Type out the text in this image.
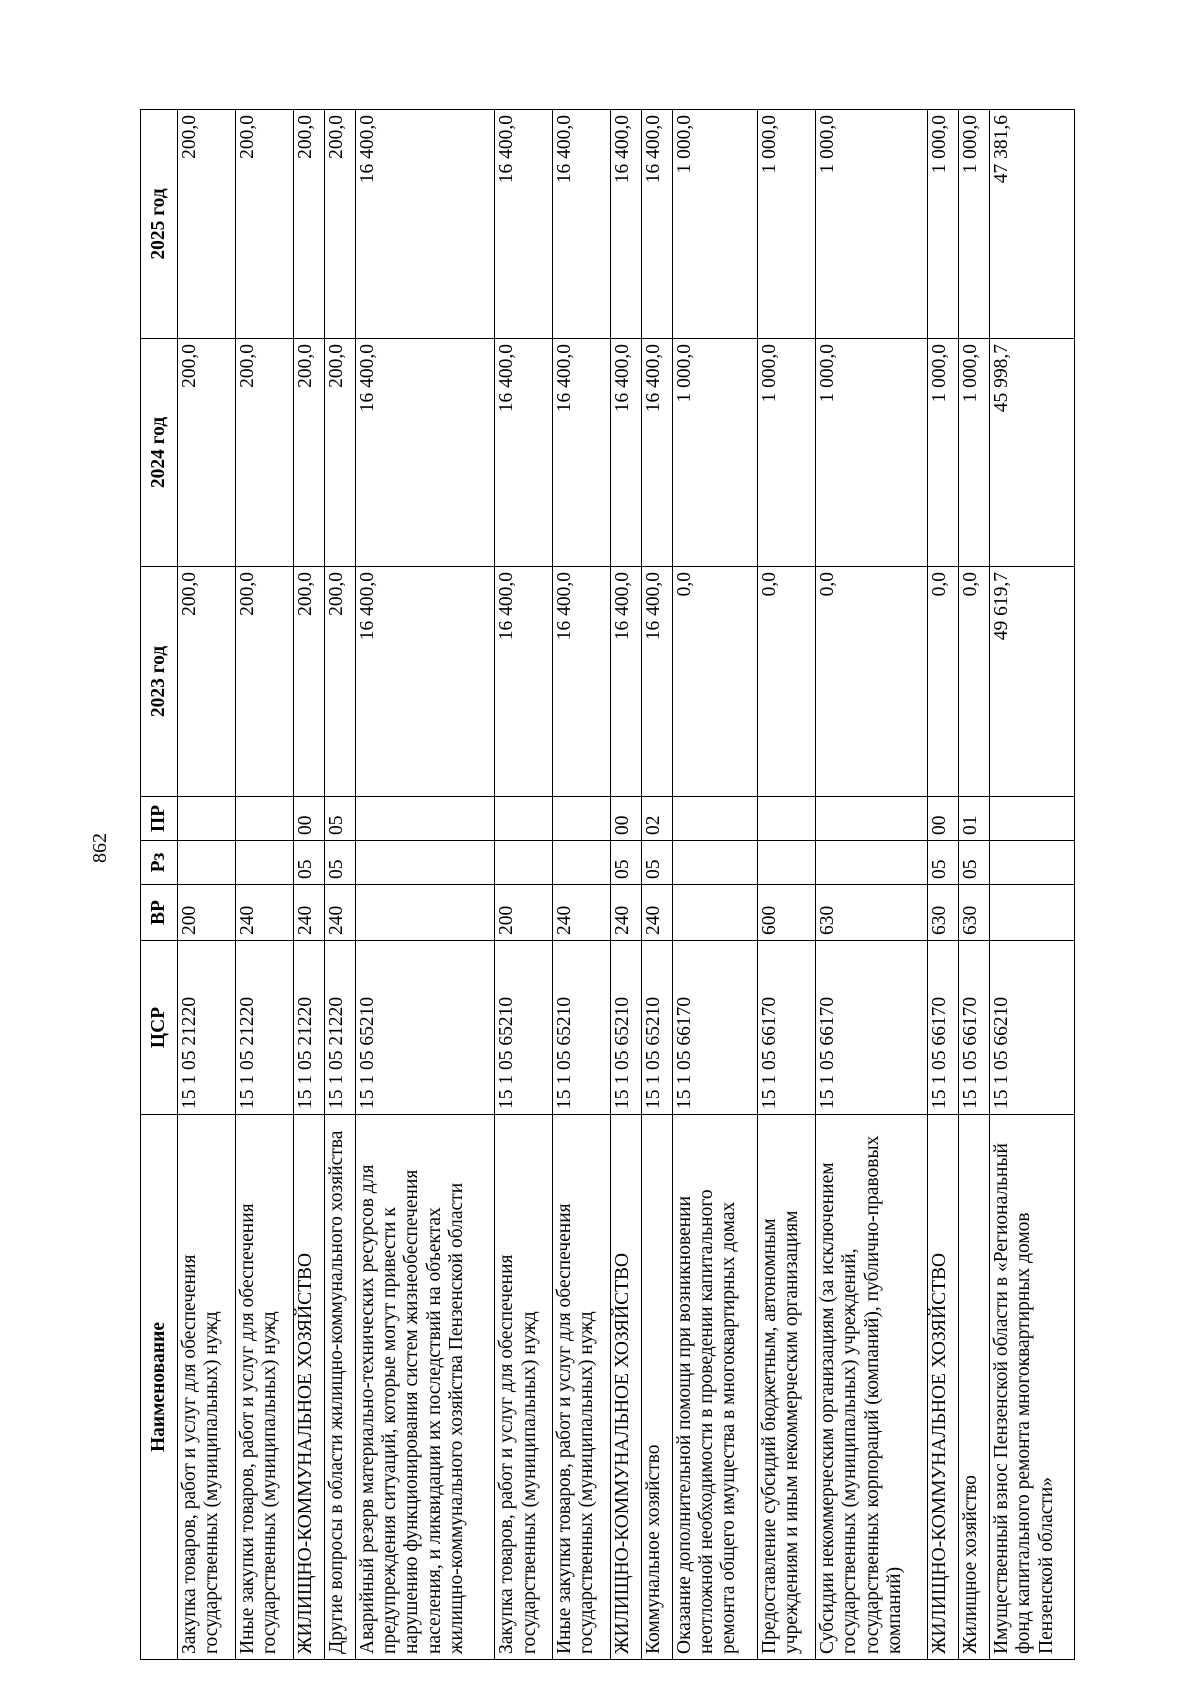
862
Наименование	ЦСР	ВР	Рз	ПР	2023 год	2024 год	2025 год
Закупка товаров, работ и услуг для обеспечения государственных (муниципальных) нужд	15 1 05 21220	200			200,0	200,0	200,0
Иные закупки товаров, работ и услуг для обеспечения государственных (муниципальных) нужд	15 1 05 21220	240			200,0	200,0	200,0
ЖИЛИЩНО-КОММУНАЛЬНОЕ ХОЗЯЙСТВО	15 1 05 21220	240	05	00	200,0	200,0	200,0
Другие вопросы в области жилищно-коммунального хозяйства	15 1 05 21220	240	05	05	200,0	200,0	200,0
Аварийный резерв материально-технических ресурсов для предупреждения ситуаций, которые могут привести к нарушению функционирования систем жизнеобеспечения населения, и ликвидации их последствий на объектах жилищно-коммунального хозяйства Пензенской области	15 1 05 65210				16 400,0	16 400,0	16 400,0
Закупка товаров, работ и услуг для обеспечения государственных (муниципальных) нужд	15 1 05 65210	200			16 400,0	16 400,0	16 400,0
Иные закупки товаров, работ и услуг для обеспечения государственных (муниципальных) нужд	15 1 05 65210	240			16 400,0	16 400,0	16 400,0
ЖИЛИЩНО-КОММУНАЛЬНОЕ ХОЗЯЙСТВО	15 1 05 65210	240	05	00	16 400,0	16 400,0	16 400,0
Коммунальное хозяйство	15 1 05 65210	240	05	02	16 400,0	16 400,0	16 400,0
Оказание дополнительной помощи при возникновении неотложной необходимости в проведении капитального ремонта общего имущества в многоквартирных домах	15 1 05 66170				0,0	1 000,0	1 000,0
Предоставление субсидий бюджетным, автономным учреждениям и иным некоммерческим организациям	15 1 05 66170	600			0,0	1 000,0	1 000,0
Субсидии некоммерческим организациям (за исключением государственных (муниципальных) учреждений, государственных корпораций (компаний), публично-правовых компаний)	15 1 05 66170	630			0,0	1 000,0	1 000,0
ЖИЛИЩНО-КОММУНАЛЬНОЕ ХОЗЯЙСТВО	15 1 05 66170	630	05	00	0,0	1 000,0	1 000,0
Жилищное хозяйство	15 1 05 66170	630	05	01	0,0	1 000,0	1 000,0
Имущественный взнос Пензенской области в «Региональный фонд капитального ремонта многоквартирных домов Пензенской области»	15 1 05 66210				49 619,7	45 998,7	47 381,6
